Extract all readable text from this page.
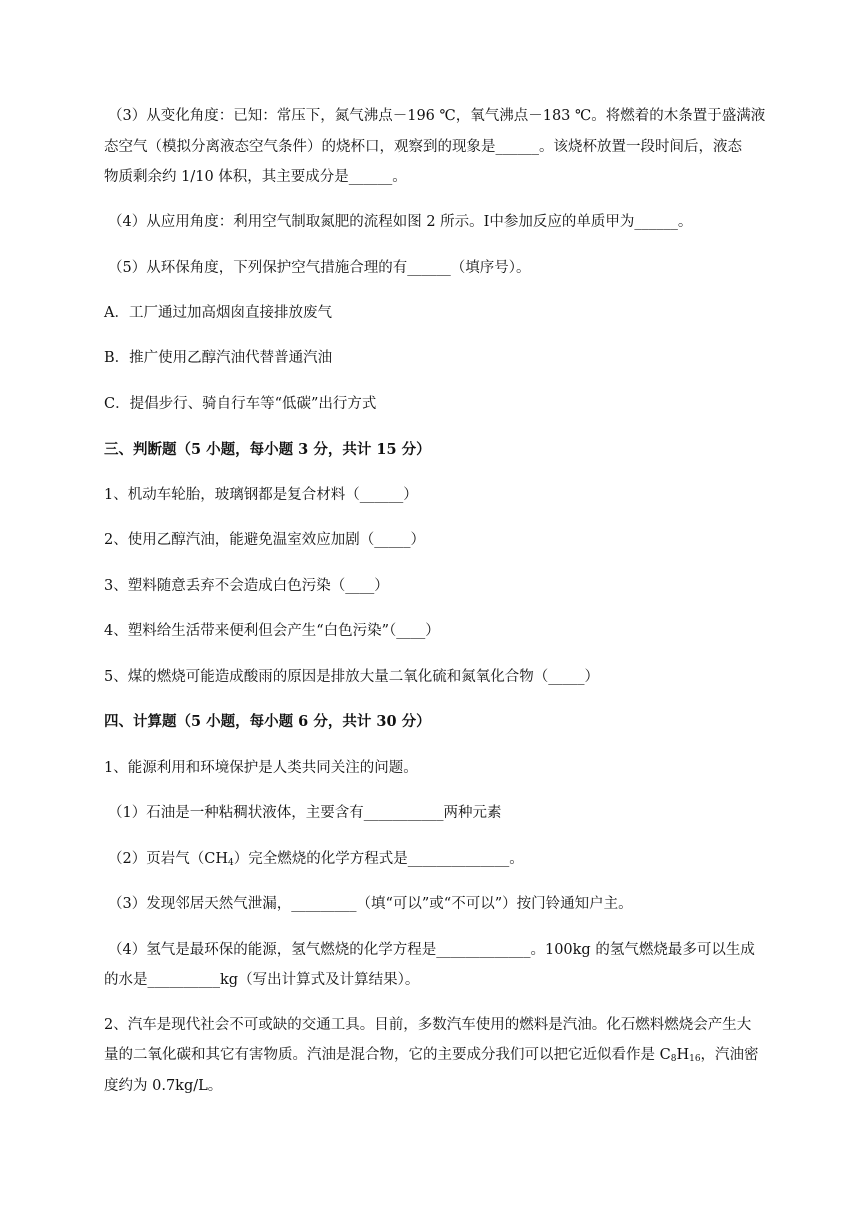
（3）从变化角度：已知：常压下，氮气沸点－196 ℃，氧气沸点－183 ℃。将燃着的木条置于盛满液
态空气（模拟分离液态空气条件）的烧杯口，观察到的现象是______。该烧杯放置一段时间后，液态
物质剩余约 1/10 体积，其主要成分是______。
（4）从应用角度：利用空气制取氮肥的流程如图 2 所示。Ⅰ中参加反应的单质甲为______。
（5）从环保角度，下列保护空气措施合理的有______（填序号）。
A．工厂通过加高烟囱直接排放废气
B．推广使用乙醇汽油代替普通汽油
C．提倡步行、骑自行车等“低碳”出行方式
三、判断题（5 小题，每小题 3 分，共计 15 分）
1、机动车轮胎，玻璃钢都是复合材料（______）
2、使用乙醇汽油，能避免温室效应加剧（_____）
3、塑料随意丢弃不会造成白色污染（____）
4、塑料给生活带来便利但会产生“白色污染”（____）
5、煤的燃烧可能造成酸雨的原因是排放大量二氧化硫和氮氧化合物（_____）
四、计算题（5 小题，每小题 6 分，共计 30 分）
1、能源利用和环境保护是人类共同关注的问题。
（1）石油是一种粘稠状液体，主要含有___________两种元素
（2）页岩气$(CH_4)$完全燃烧的化学方程式是______________。
（3）发现邻居天然气泄漏，_________（填“可以”或“不可以”）按门铃通知户主。
（4）氢气是最环保的能源，氢气燃烧的化学方程是_____________。100kg 的氢气燃烧最多可以生成
的水是__________kg（写出计算式及计算结果）。
2、汽车是现代社会不可或缺的交通工具。目前，多数汽车使用的燃料是汽油。化石燃料燃烧会产生大
量的二氧化碳和其它有害物质。汽油是混合物，它的主要成分我们可以把它近似看作是 $C_8H_{16}$，汽油密
度约为 0.7kg/L。
